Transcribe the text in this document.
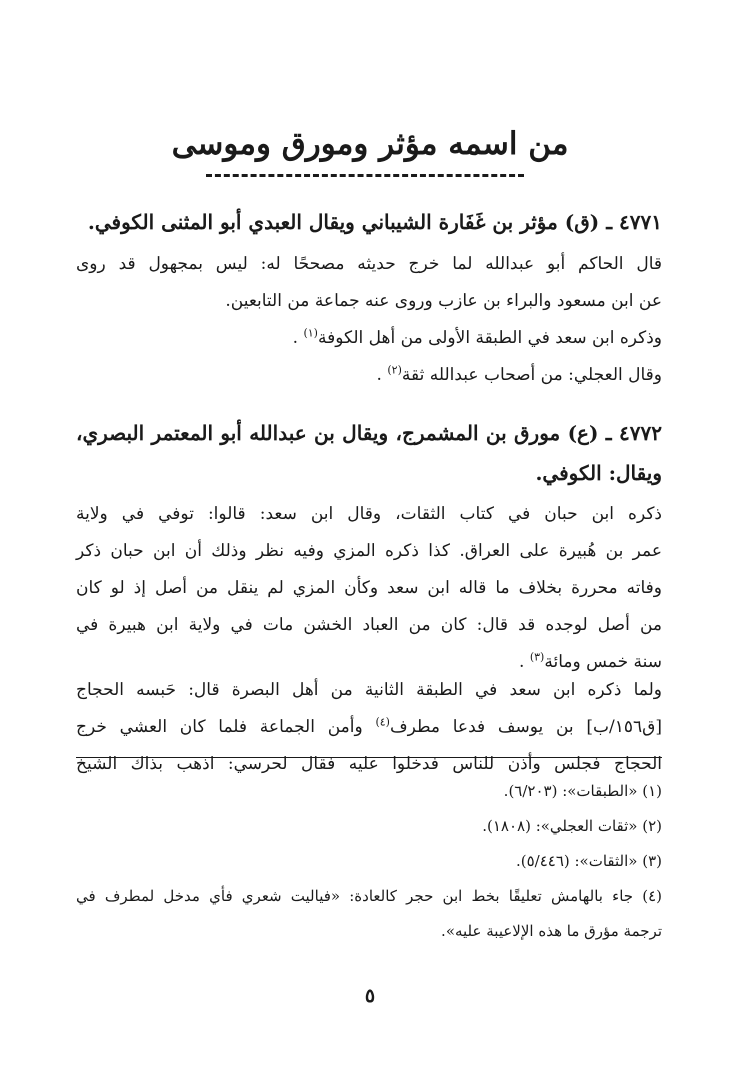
من اسمه مؤثر ومورق وموسى
٤٧٧١ ـ (ق) مؤثر بن غَفَارة الشيباني ويقال العبدي أبو المثنى الكوفي.
قال الحاكم أبو عبدالله لما خرج حديثه مصححًا له: ليس بمجهول قد روى
عن ابن مسعود والبراء بن عازب وروى عنه جماعة من التابعين.
وذكره ابن سعد في الطبقة الأولى من أهل الكوفة$^{(١)}$ .
وقال العجلي: من أصحاب عبدالله ثقة$^{(٢)}$ .
٤٧٧٢ ـ (ع) مورق بن المشمرج، ويقال بن عبدالله أبو المعتمر البصري،
ويقال: الكوفي.
ذكره ابن حبان في كتاب الثقات، وقال ابن سعد: قالوا: توفي في ولاية
عمر بن هُبيرة على العراق. كذا ذكره المزي وفيه نظر وذلك أن ابن حبان ذكر
وفاته محررة بخلاف ما قاله ابن سعد وكأن المزي لم ينقل من أصل إذ لو كان
من أصل لوجده قد قال: كان من العباد الخشن مات في ولاية ابن هبيرة في
سنة خمس ومائة$^{(٣)}$ .
ولما ذكره ابن سعد في الطبقة الثانية من أهل البصرة قال: حَبسه الحجاج
[ق١٥٦/ب] بن يوسف فدعا مطرف$^{(٤)}$ وأمن الجماعة فلما كان العشي خرج
الحجاج فجلس وأذن للناس فدخلوا عليه فقال لحرسي: اذهب بذاك الشيخ
(١) «الطبقات»: (٦/٢٠٣).
(٢) «ثقات العجلي»: (١٨٠٨).
(٣) «الثقات»: (٥/٤٤٦).
(٤) جاء بالهامش تعليقًا بخط ابن حجر كالعادة: «فياليت شعري فأي مدخل لمطرف في
ترجمة مؤرق ما هذه الإلاعيبة عليه».
٥
